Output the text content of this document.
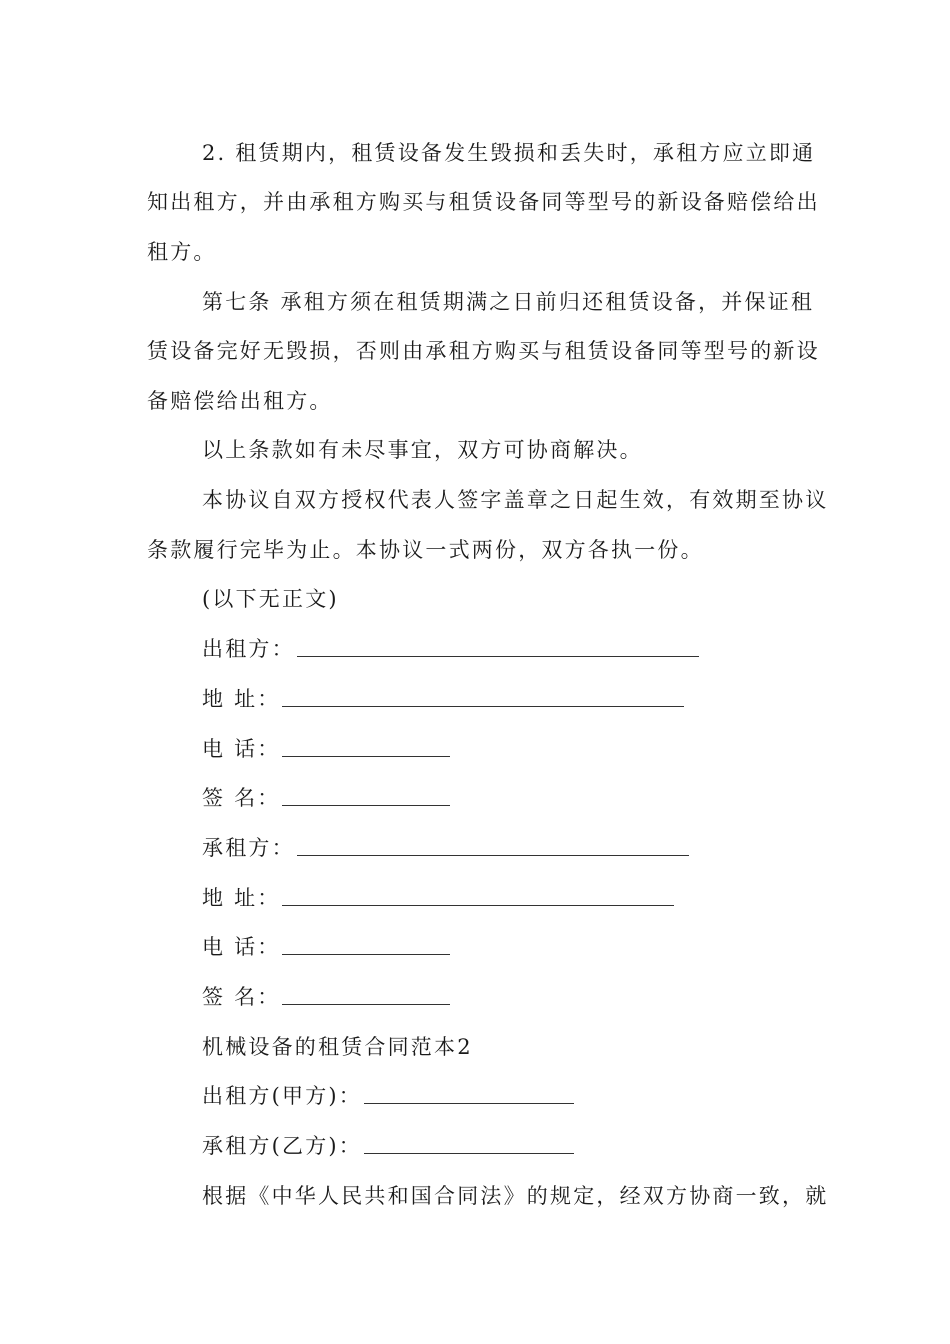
2. 租赁期内，租赁设备发生毁损和丢失时，承租方应立即通
知出租方，并由承租方购买与租赁设备同等型号的新设备赔偿给出
租方。
第七条 承租方须在租赁期满之日前归还租赁设备，并保证租
赁设备完好无毁损，否则由承租方购买与租赁设备同等型号的新设
备赔偿给出租方。
以上条款如有未尽事宜，双方可协商解决。
本协议自双方授权代表人签字盖章之日起生效，有效期至协议
条款履行完毕为止。本协议一式两份，双方各执一份。
(以下无正文)
出租方：
地 址：
电 话：
签 名：
承租方：
地 址：
电 话：
签 名：
机械设备的租赁合同范本2
出租方(甲方)：
承租方(乙方)：
根据《中华人民共和国合同法》的规定，经双方协商一致，就
